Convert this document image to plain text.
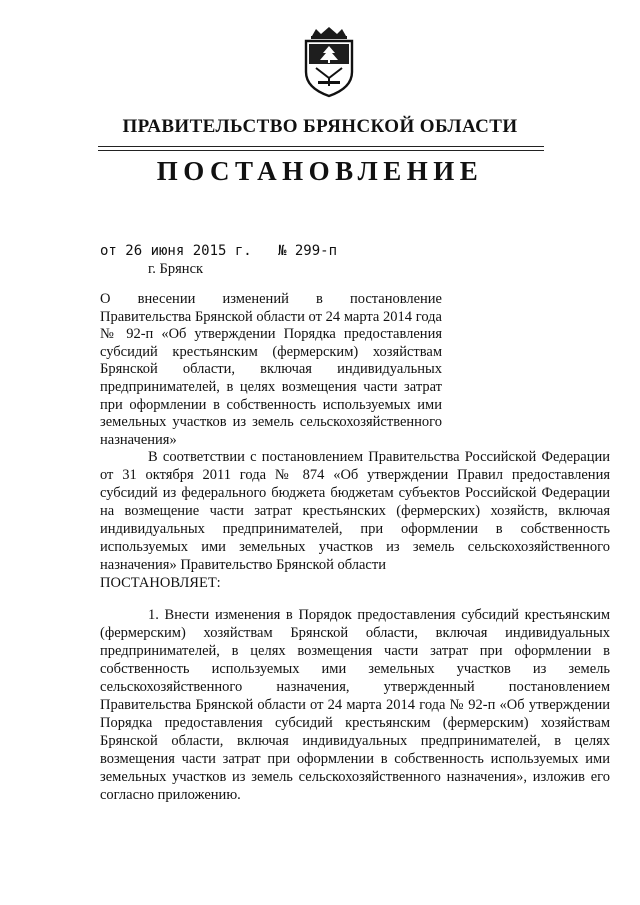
ПРАВИТЕЛЬСТВО БРЯНСКОЙ ОБЛАСТИ
ПОСТАНОВЛЕНИЕ
от 26 июня 2015 г. № 299-п
г. Брянск
О внесении изменений в постановление Правительства Брянской области от 24 марта 2014 года № 92-п «Об утверждении Порядка предоставления субсидий крестьянским (фермерским) хозяйствам Брянской области, включая индивидуальных предпринимателей, в целях возмещения части затрат при оформлении в собственность используемых ими земельных участков из земель сельскохозяйственного назначения»
В соответствии с постановлением Правительства Российской Федерации от 31 октября 2011 года № 874 «Об утверждении Правил предоставления субсидий из федерального бюджета бюджетам субъектов Российской Федерации на возмещение части затрат крестьянских (фермерских) хозяйств, включая индивидуальных предпринимателей, при оформлении в собственность используемых ими земельных участков из земель сельскохозяйственного назначения» Правительство Брянской области
ПОСТАНОВЛЯЕТ:
1. Внести изменения в Порядок предоставления субсидий крестьянским (фермерским) хозяйствам Брянской области, включая индивидуальных предпринимателей, в целях возмещения части затрат при оформлении в собственность используемых ими земельных участков из земель сельскохозяйственного назначения, утвержденный постановлением Правительства Брянской области от 24 марта 2014 года № 92-п «Об утверждении Порядка предоставления субсидий крестьянским (фермерским) хозяйствам Брянской области, включая индивидуальных предпринимателей, в целях возмещения части затрат при оформлении в собственность используемых ими земельных участков из земель сельскохозяйственного назначения», изложив его согласно приложению.
